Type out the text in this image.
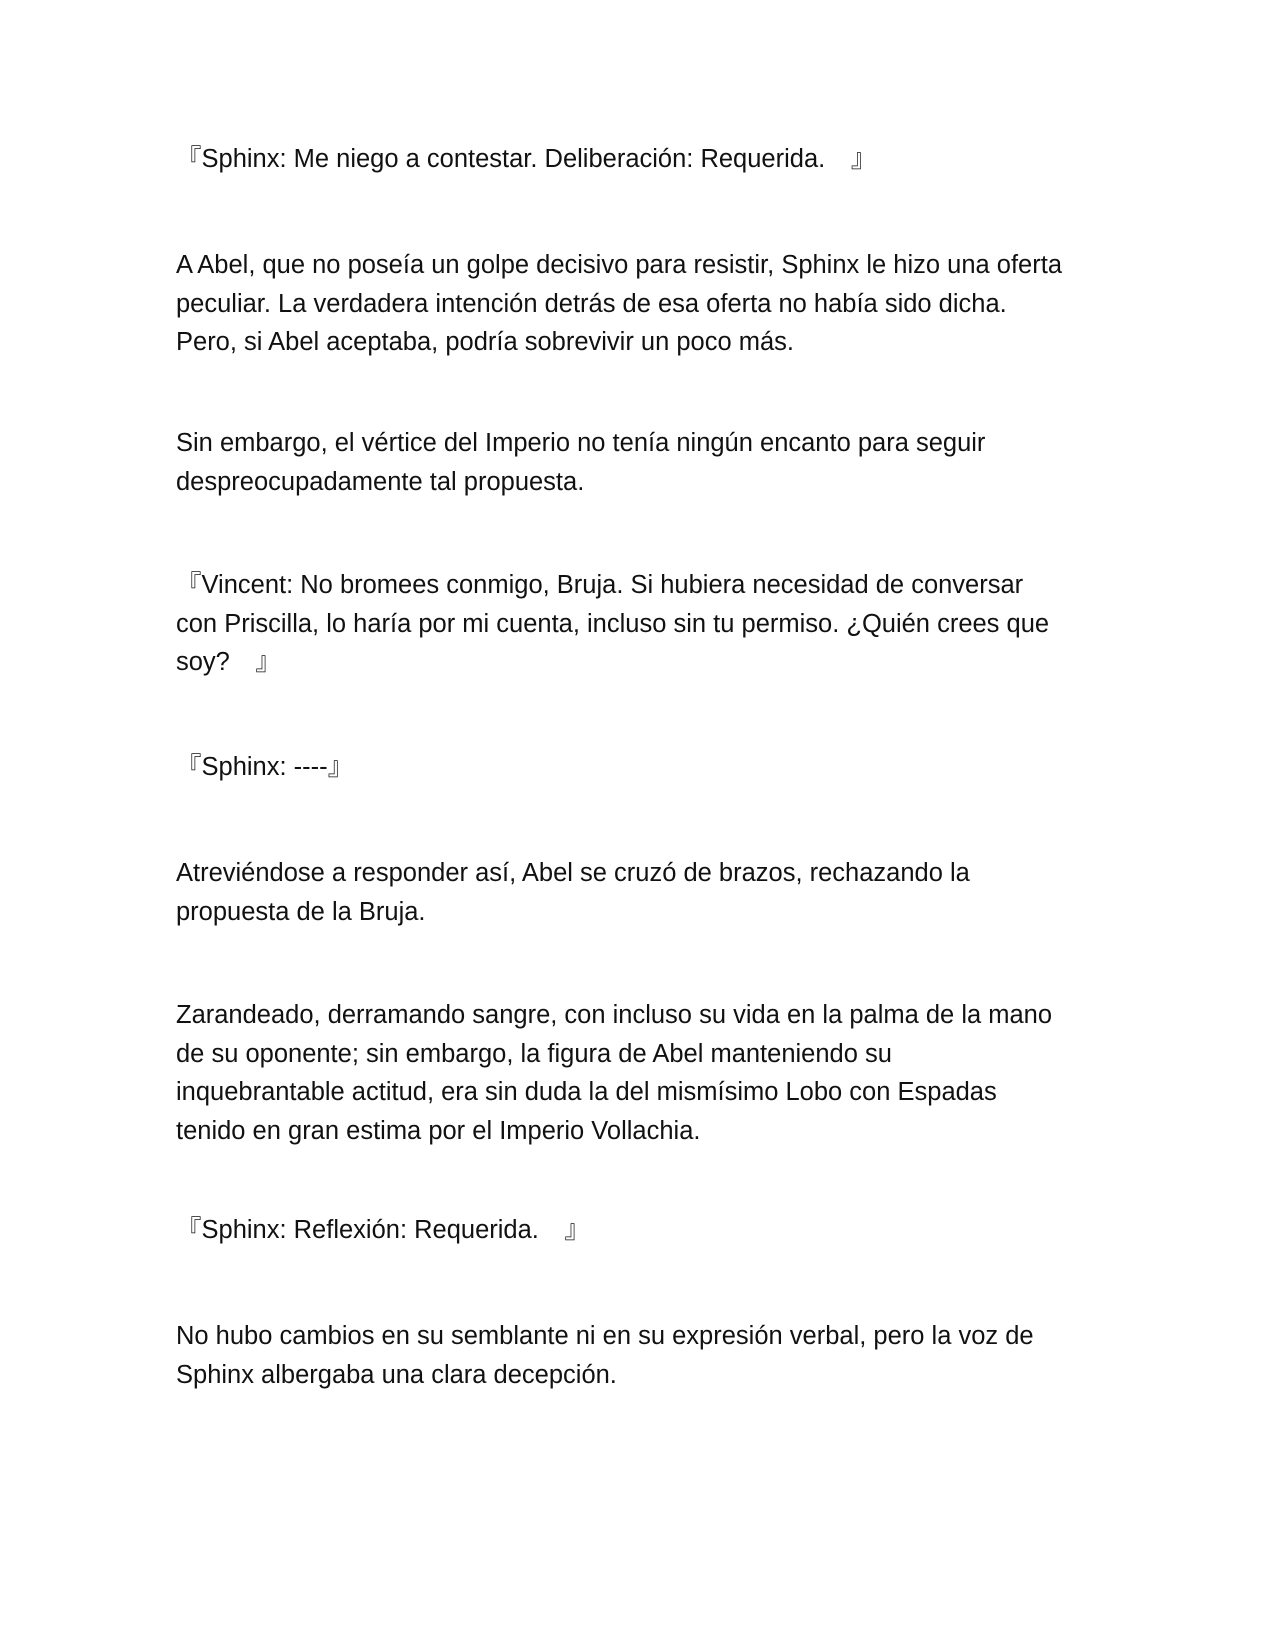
『Sphinx: Me niego a contestar. Deliberación: Requerida.　』

A Abel, que no poseía un golpe decisivo para resistir, Sphinx le hizo una oferta
peculiar. La verdadera intención detrás de esa oferta no había sido dicha.
Pero, si Abel aceptaba, podría sobrevivir un poco más.

Sin embargo, el vértice del Imperio no tenía ningún encanto para seguir
despreocupadamente tal propuesta.

『Vincent: No bromees conmigo, Bruja. Si hubiera necesidad de conversar
con Priscilla, lo haría por mi cuenta, incluso sin tu permiso. ¿Quién crees que
soy?　』

『Sphinx: ----』

Atreviéndose a responder así, Abel se cruzó de brazos, rechazando la
propuesta de la Bruja.

Zarandeado, derramando sangre, con incluso su vida en la palma de la mano
de su oponente; sin embargo, la figura de Abel manteniendo su
inquebrantable actitud, era sin duda la del mismísimo Lobo con Espadas
tenido en gran estima por el Imperio Vollachia.

『Sphinx: Reflexión: Requerida.　』

No hubo cambios en su semblante ni en su expresión verbal, pero la voz de
Sphinx albergaba una clara decepción.
